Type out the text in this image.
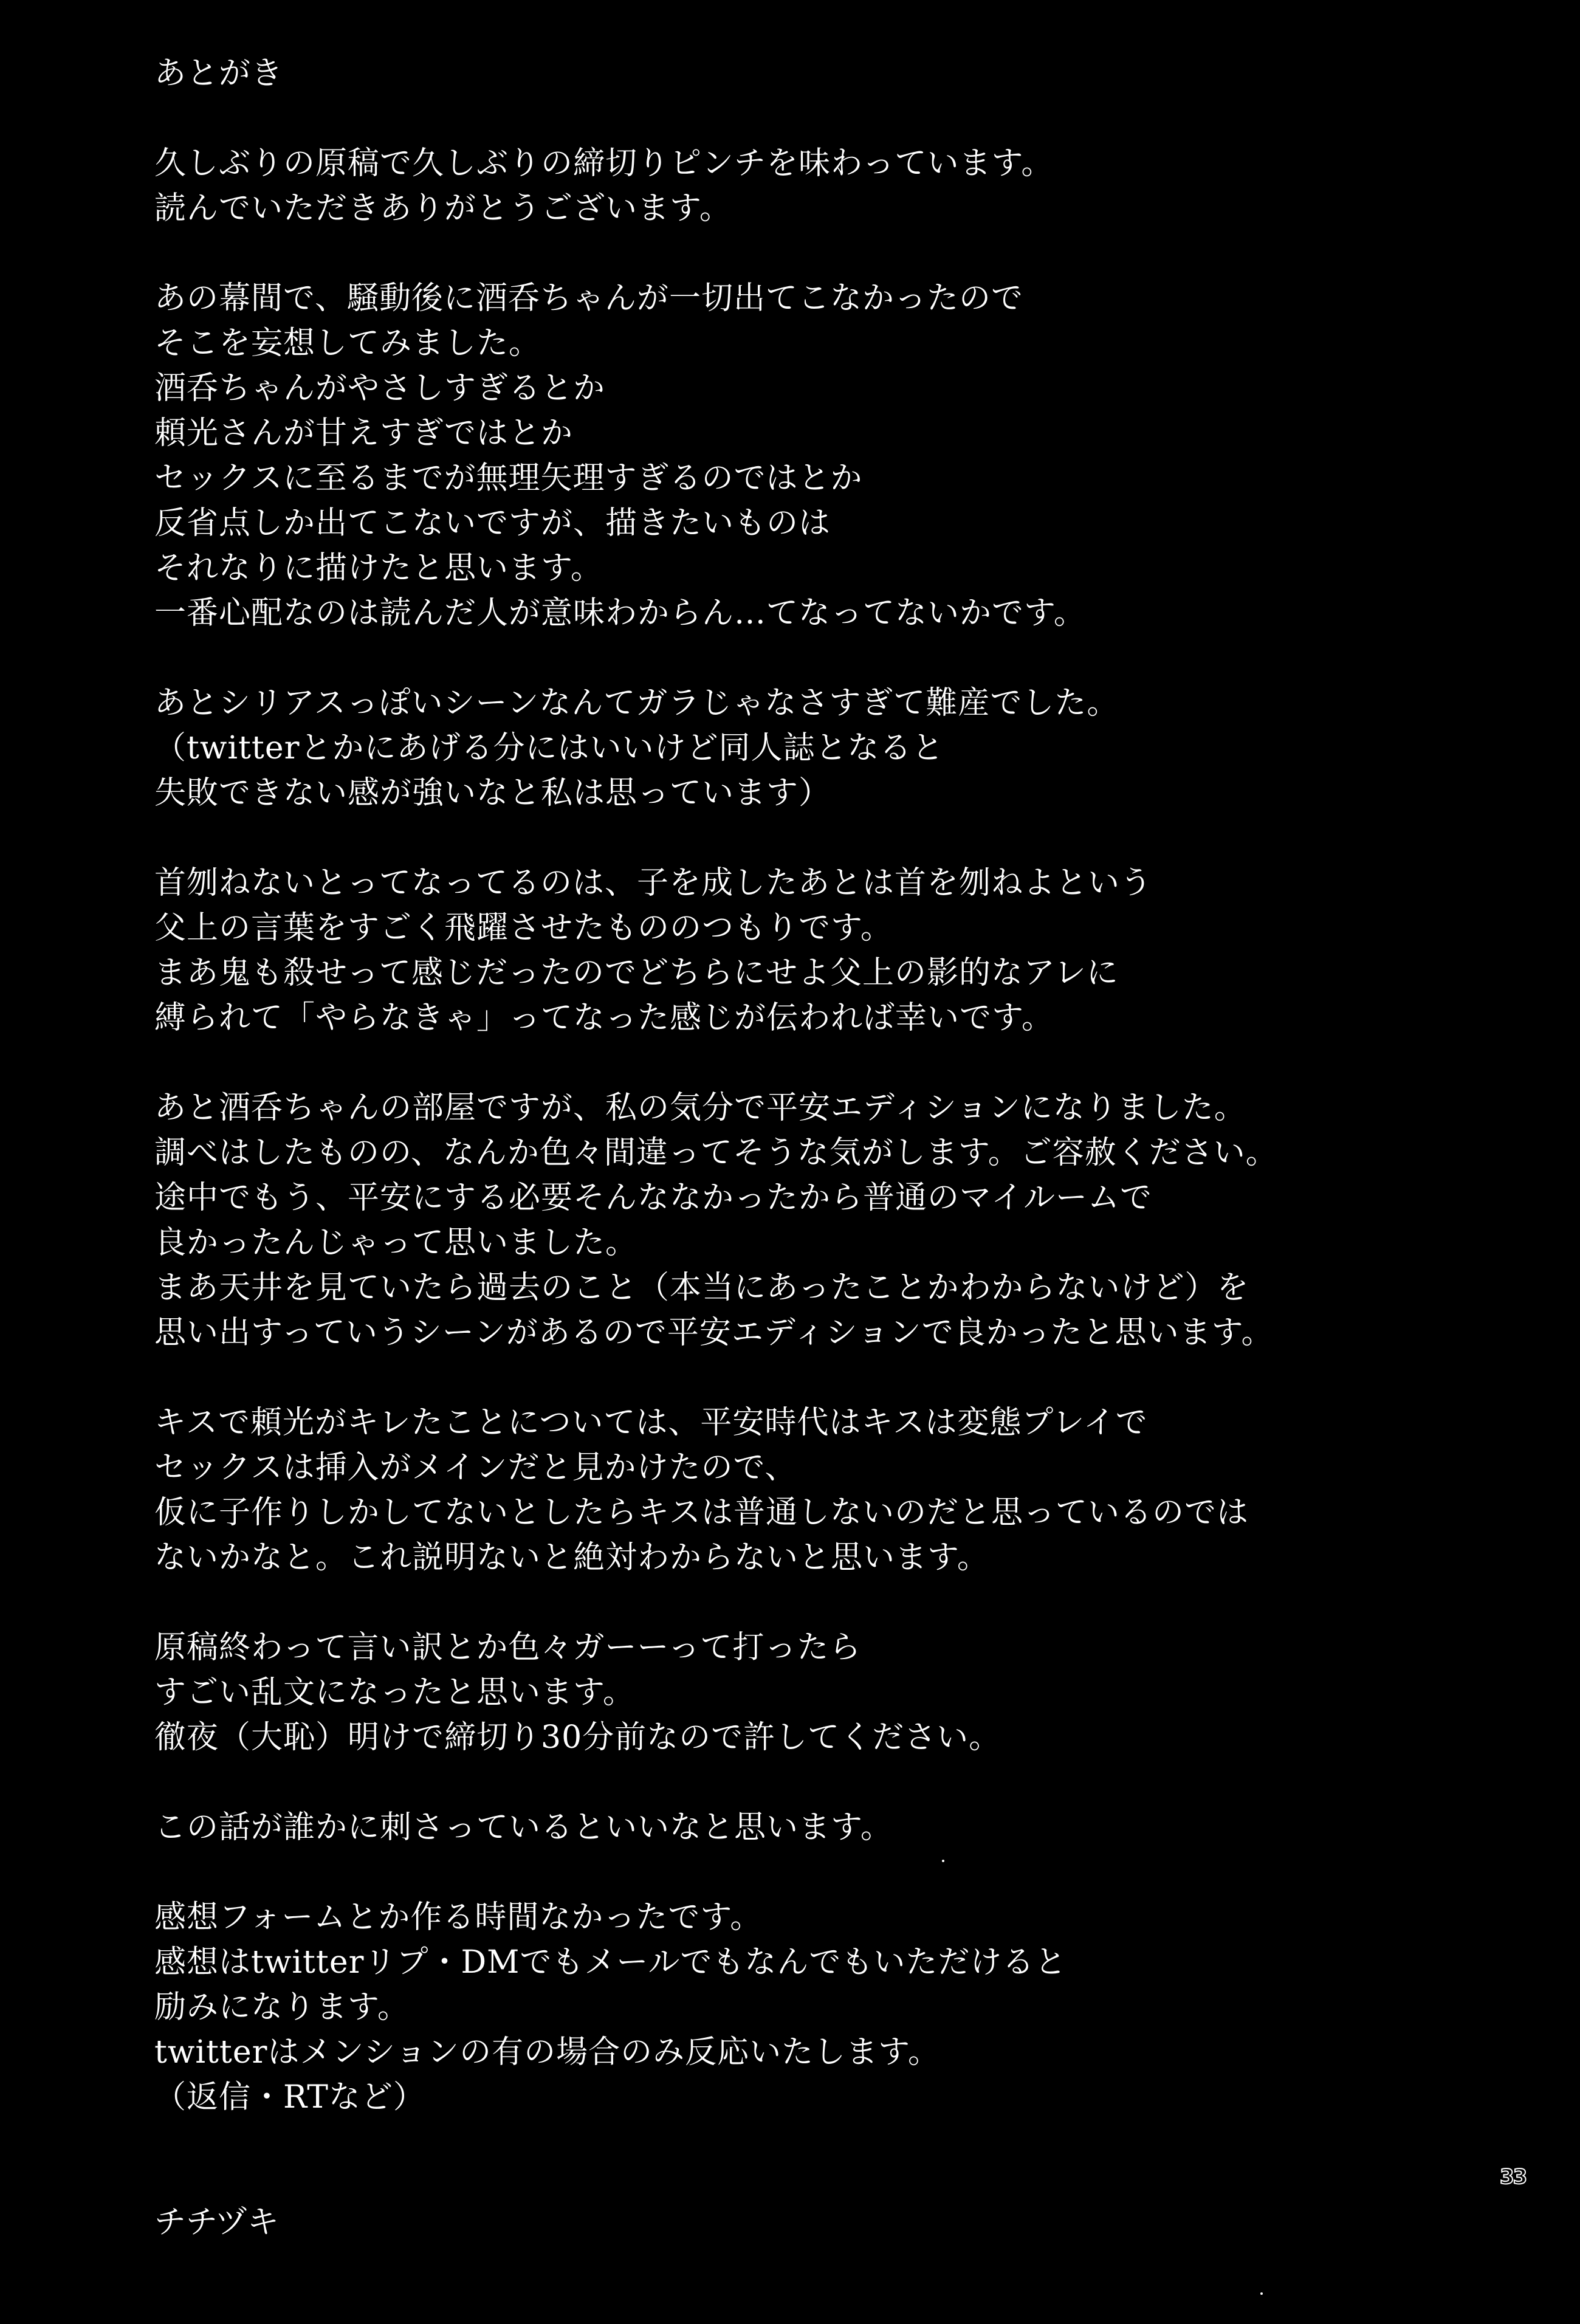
あとがき
久しぶりの原稿で久しぶりの締切りピンチを味わっています。
読んでいただきありがとうございます。
あの幕間で、騒動後に酒呑ちゃんが一切出てこなかったので
そこを妄想してみました。
酒呑ちゃんがやさしすぎるとか
頼光さんが甘えすぎではとか
セックスに至るまでが無理矢理すぎるのではとか
反省点しか出てこないですが、描きたいものは
それなりに描けたと思います。
一番心配なのは読んだ人が意味わからん…てなってないかです。
あとシリアスっぽいシーンなんてガラじゃなさすぎて難産でした。
（twitterとかにあげる分にはいいけど同人誌となると
失敗できない感が強いなと私は思っています）
首刎ねないとってなってるのは、子を成したあとは首を刎ねよという
父上の言葉をすごく飛躍させたもののつもりです。
まあ鬼も殺せって感じだったのでどちらにせよ父上の影的なアレに
縛られて「やらなきゃ」ってなった感じが伝われば幸いです。
あと酒呑ちゃんの部屋ですが、私の気分で平安エディションになりました。
調べはしたものの、なんか色々間違ってそうな気がします。ご容赦ください。
途中でもう、平安にする必要そんななかったから普通のマイルームで
良かったんじゃって思いました。
まあ天井を見ていたら過去のこと（本当にあったことかわからないけど）を
思い出すっていうシーンがあるので平安エディションで良かったと思います。
キスで頼光がキレたことについては、平安時代はキスは変態プレイで
セックスは挿入がメインだと見かけたので、
仮に子作りしかしてないとしたらキスは普通しないのだと思っているのでは
ないかなと。これ説明ないと絶対わからないと思います。
原稿終わって言い訳とか色々ガーーって打ったら
すごい乱文になったと思います。
徹夜（大恥）明けで締切り30分前なので許してください。
この話が誰かに刺さっているといいなと思います。
感想フォームとか作る時間なかったです。
感想はtwitterリプ・DMでもメールでもなんでもいただけると
励みになります。
twitterはメンションの有の場合のみ反応いたします。
（返信・RTなど）
33
チチヅキ
